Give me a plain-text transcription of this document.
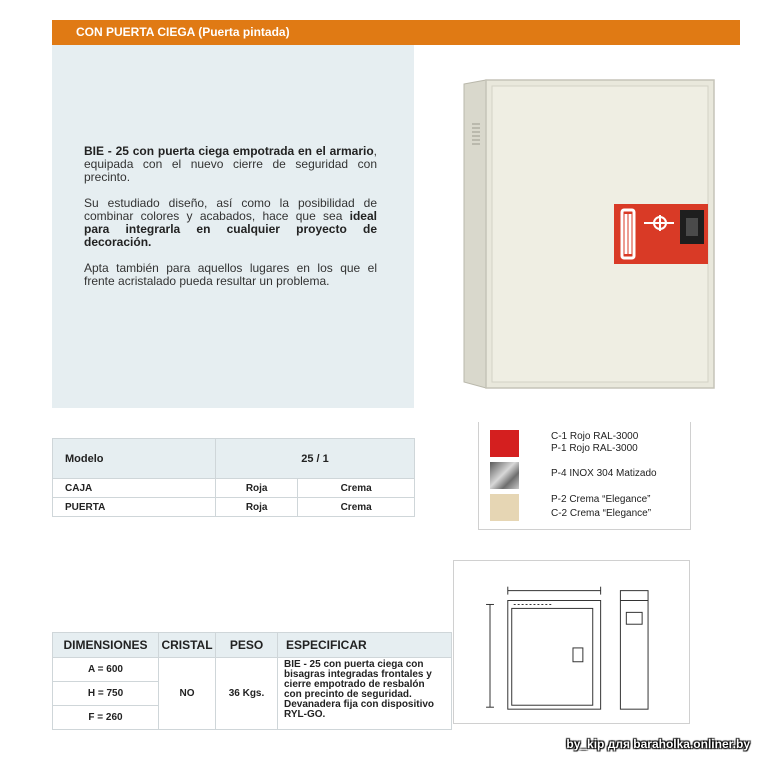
CON PUERTA CIEGA (Puerta pintada)

BIE - 25 con puerta ciega empotrada en el armario, equipada con el nuevo cierre de seguridad con precinto.

Su estudiado diseño, así como la posibilidad de combinar colores y acabados, hace que sea ideal para integrarla en cualquier proyecto de decoración.

Apta también para aquellos lugares en los que el frente acristalado pueda resultar un problema.

Modelo	25 / 1	
CAJA	Roja	Crema
PUERTA	Roja	Crema
C-1 Rojo RAL-3000
P-1 Rojo RAL-3000
P-4 INOX 304 Matizado
P-2 Crema “Elegance”
C-2 Crema “Elegance”
DIMENSIONES	CRISTAL	PESO	ESPECIFICAR
A = 600	NO	36 Kgs.	BIE - 25 con puerta ciega con bisagras integradas frontales y cierre empotrado de resbalón con precinto de seguridad. Devanadera fija con dispositivo RYL-GO.
H = 750			
F = 260			
by_kip для baraholka.onliner.by
